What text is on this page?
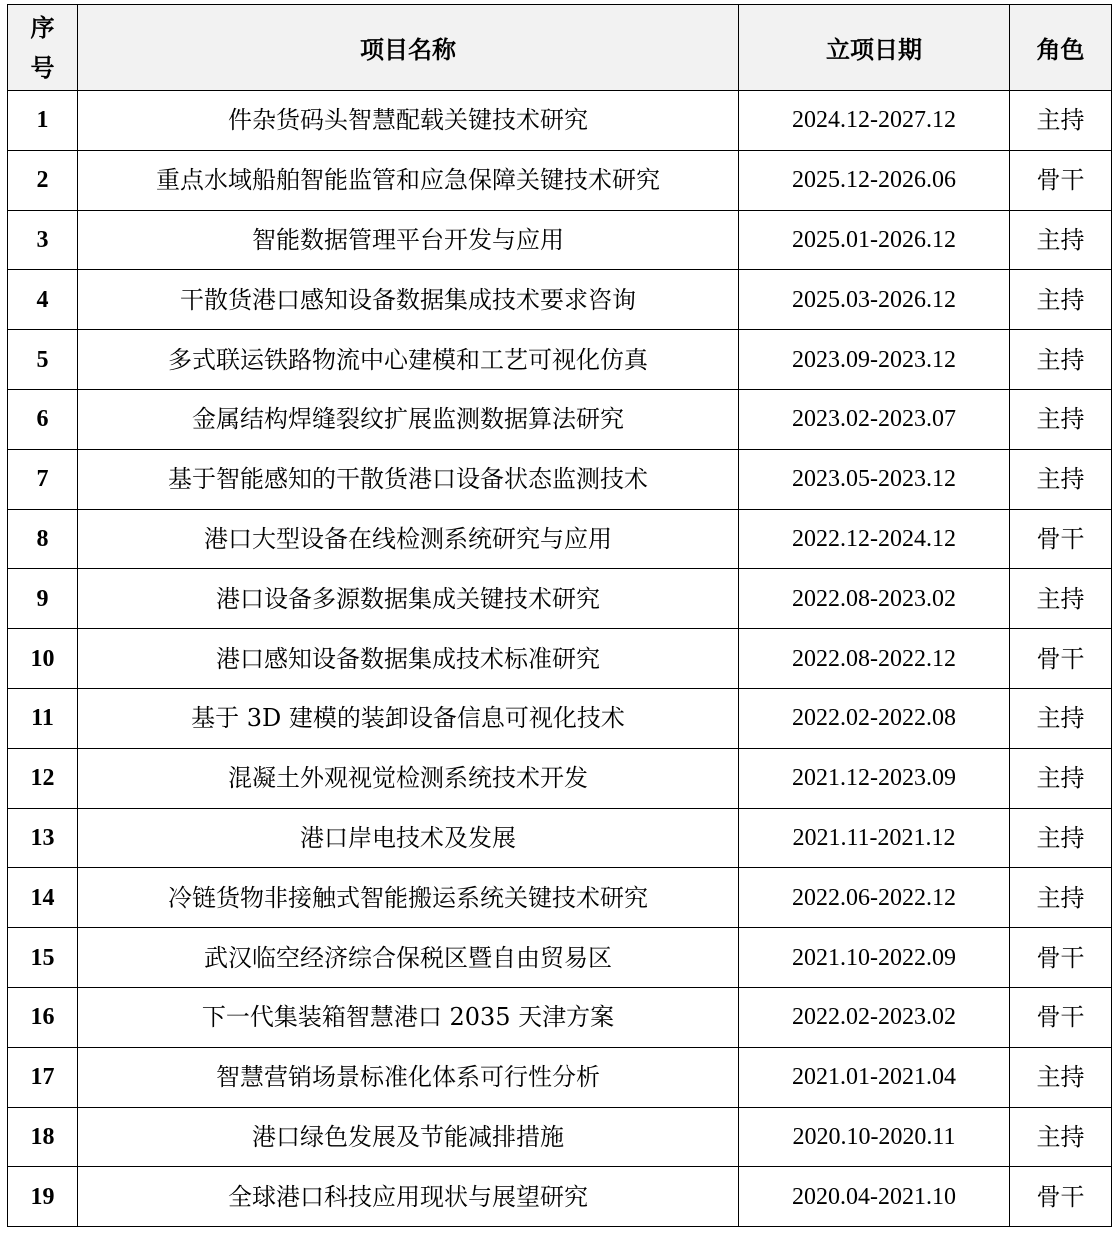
序号	项目名称	立项日期	角色
1	件杂货码头智慧配载关键技术研究	2024.12-2027.12	主持
2	重点水域船舶智能监管和应急保障关键技术研究	2025.12-2026.06	骨干
3	智能数据管理平台开发与应用	2025.01-2026.12	主持
4	干散货港口感知设备数据集成技术要求咨询	2025.03-2026.12	主持
5	多式联运铁路物流中心建模和工艺可视化仿真	2023.09-2023.12	主持
6	金属结构焊缝裂纹扩展监测数据算法研究	2023.02-2023.07	主持
7	基于智能感知的干散货港口设备状态监测技术	2023.05-2023.12	主持
8	港口大型设备在线检测系统研究与应用	2022.12-2024.12	骨干
9	港口设备多源数据集成关键技术研究	2022.08-2023.02	主持
10	港口感知设备数据集成技术标准研究	2022.08-2022.12	骨干
11	基于 3D 建模的装卸设备信息可视化技术	2022.02-2022.08	主持
12	混凝土外观视觉检测系统技术开发	2021.12-2023.09	主持
13	港口岸电技术及发展	2021.11-2021.12	主持
14	冷链货物非接触式智能搬运系统关键技术研究	2022.06-2022.12	主持
15	武汉临空经济综合保税区暨自由贸易区	2021.10-2022.09	骨干
16	下一代集装箱智慧港口 2035 天津方案	2022.02-2023.02	骨干
17	智慧营销场景标准化体系可行性分析	2021.01-2021.04	主持
18	港口绿色发展及节能减排措施	2020.10-2020.11	主持
19	全球港口科技应用现状与展望研究	2020.04-2021.10	骨干
